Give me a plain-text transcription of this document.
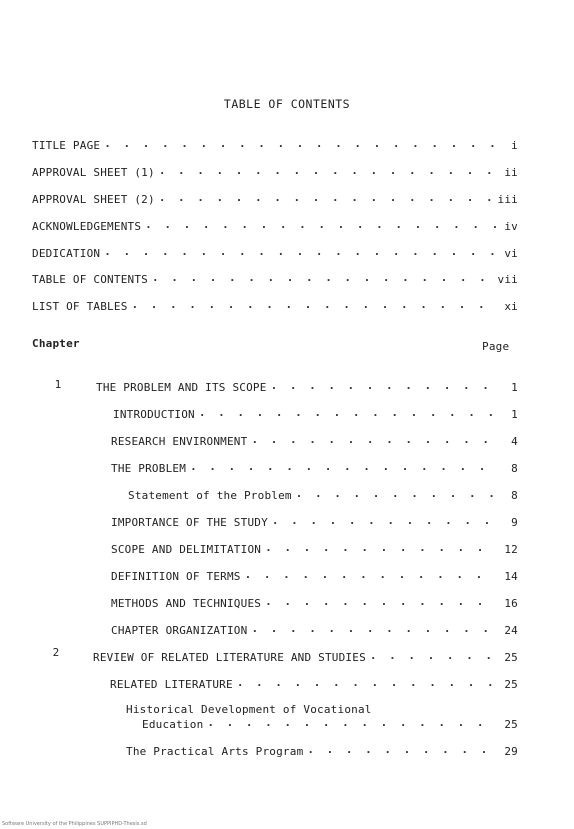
TABLE OF CONTENTS
TITLE PAGE . . .	i
APPROVAL SHEET (1) . . .	ii
APPROVAL SHEET (2) . . .	iii
ACKNOWLEDGEMENTS . . .	iv
DEDICATION . . .	vi
TABLE OF CONTENTS . . .	vii
LIST OF TABLES . . .	xi
Chapter	Page
1	THE PROBLEM AND ITS SCOPE . . .	1
INTRODUCTION . . .	1
RESEARCH ENVIRONMENT . . .	4
THE PROBLEM . . .	8
Statement of the Problem . . .	8
IMPORTANCE OF THE STUDY . . .	9
SCOPE AND DELIMITATION . . .	12
DEFINITION OF TERMS . . .	14
METHODS AND TECHNIQUES . . .	16
CHAPTER ORGANIZATION . . .	24
2	REVIEW OF RELATED LITERATURE AND STUDIES . . .	25
RELATED LITERATURE . . .	25
Historical Development of Vocational
Education . . .	25
The Practical Arts Program . . .	29
Software University of the Philippines SUPPIPHD-Thesis.sd
